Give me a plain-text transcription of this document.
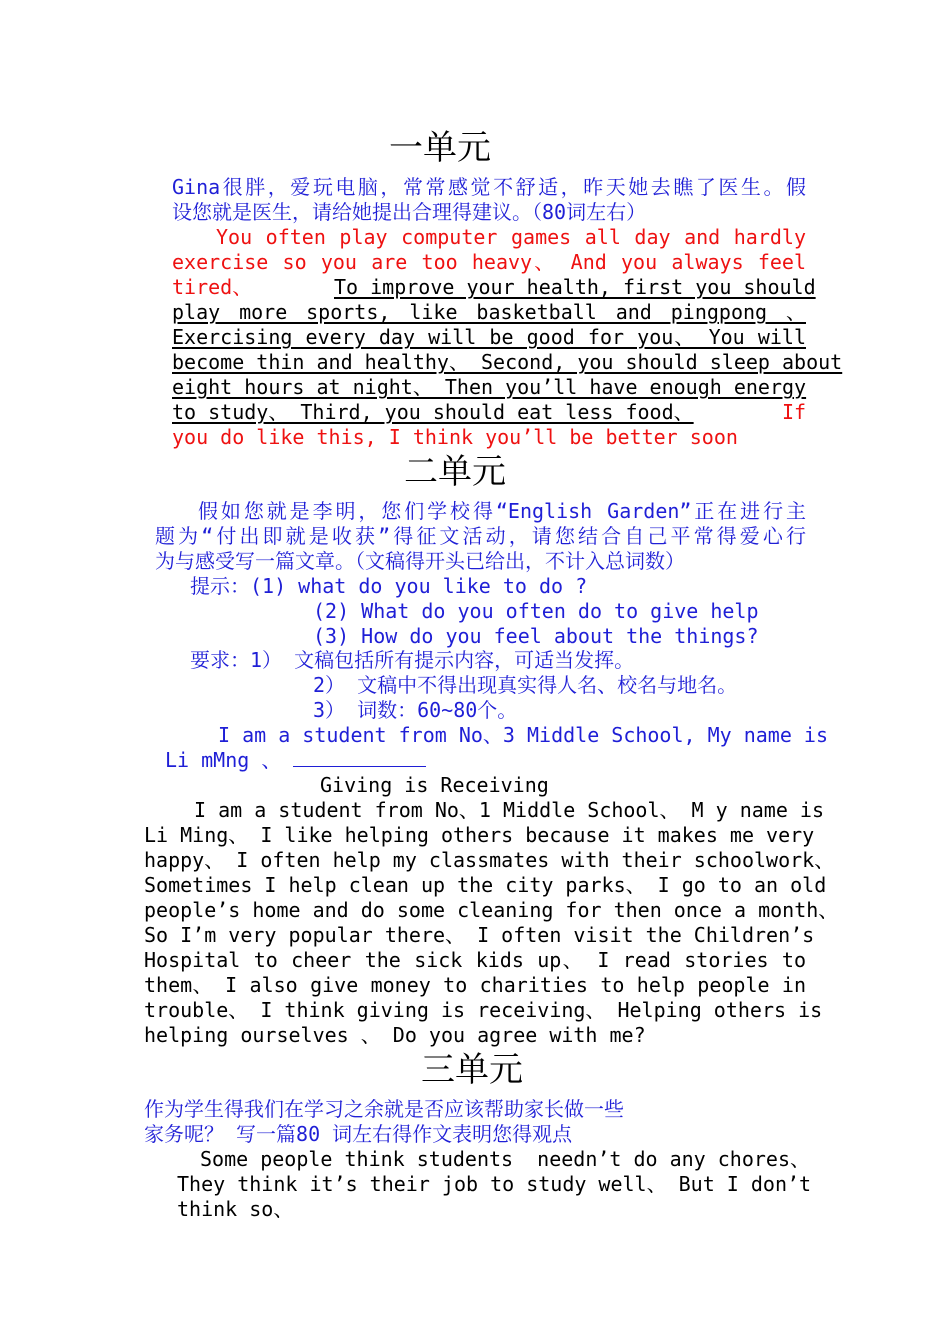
一单元
Gina很胖，爱玩电脑，常常感觉不舒适，昨天她去瞧了医生。假
设您就是医生，请给她提出合理得建议。（80词左右）
You often play computer games all day and hardly
exercise so you are too heavy、 And you always feel
tired、	To improve your health, first you should
play more sports, like basketball and pingpong 、
Exercising every day will be good for you、 You will
become thin and healthy、 Second, you should sleep about
eight hours at night、 Then you’ll have enough energy
to study、 Third, you should eat less food、	If
you do like this, I think you’ll be better soon
二单元
假如您就是李明，您们学校得“English Garden”正在进行主
题为“付出即就是收获”得征文活动，请您结合自己平常得爱心行
为与感受写一篇文章。（文稿得开头已给出，不计入总词数）
提示：(1) what do you like to do ?
(2) What do you often do to give help
(3) How do you feel about the things?
要求：1） 文稿包括所有提示内容，可适当发挥。
2） 文稿中不得出现真实得人名、校名与地名。
3） 词数：60~80个。
I am a student from No、3 Middle School, My name is
Li mMng 、
Giving is Receiving
I am a student from No、1 Middle School、 M y name is
Li Ming、 I like helping others because it makes me very
happy、 I often help my classmates with their schoolwork、
Sometimes I help clean up the city parks、 I go to an old
people’s home and do some cleaning for then once a month、
So I’m very popular there、 I often visit the Children’s
Hospital to cheer the sick kids up、 I read stories to
them、 I also give money to charities to help people in
trouble、 I think giving is receiving、 Helping others is
helping ourselves 、 Do you agree with me?
三单元
作为学生得我们在学习之余就是否应该帮助家长做一些
家务呢？ 写一篇80 词左右得作文表明您得观点
Some people think students  needn’t do any chores、
They think it’s their job to study well、 But I don’t
think so、
